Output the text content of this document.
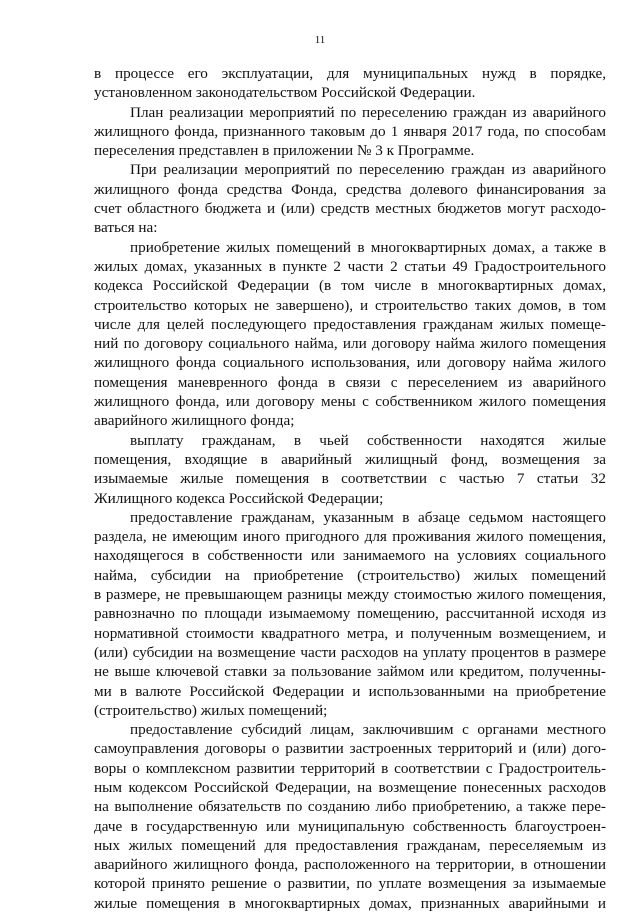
11
в процессе его эксплуатации, для муниципальных нужд в порядке,
установленном законодательством Российской Федерации.
План реализации мероприятий по переселению граждан из аварийного
жилищного фонда, признанного таковым до 1 января 2017 года, по способам
переселения представлен в приложении № 3 к Программе.
При реализации мероприятий по переселению граждан из аварийного
жилищного фонда средства Фонда, средства долевого финансирования за
счет областного бюджета и (или) средств местных бюджетов могут расходо-
ваться на:
приобретение жилых помещений в многоквартирных домах, а также в
жилых домах, указанных в пункте 2 части 2 статьи 49 Градостроительного
кодекса Российской Федерации (в том числе в многоквартирных домах,
строительство которых не завершено), и строительство таких домов, в том
числе для целей последующего предоставления гражданам жилых помеще-
ний по договору социального найма, или договору найма жилого помещения
жилищного фонда социального использования, или договору найма жилого
помещения маневренного фонда в связи с переселением из аварийного
жилищного фонда, или договору мены с собственником жилого помещения
аварийного жилищного фонда;
выплату гражданам, в чьей собственности находятся жилые
помещения, входящие в аварийный жилищный фонд, возмещения за
изымаемые жилые помещения в соответствии с частью 7 статьи 32
Жилищного кодекса Российской Федерации;
предоставление гражданам, указанным в абзаце седьмом настоящего
раздела, не имеющим иного пригодного для проживания жилого помещения,
находящегося в собственности или занимаемого на условиях социального
найма, субсидии на приобретение (строительство) жилых помещений
в размере, не превышающем разницы между стоимостью жилого помещения,
равнозначно по площади изымаемому помещению, рассчитанной исходя из
нормативной стоимости квадратного метра, и полученным возмещением, и
(или) субсидии на возмещение части расходов на уплату процентов в размере
не выше ключевой ставки за пользование займом или кредитом, полученны-
ми в валюте Российской Федерации и использованными на приобретение
(строительство) жилых помещений;
предоставление субсидий лицам, заключившим с органами местного
самоуправления договоры о развитии застроенных территорий и (или) дого-
воры о комплексном развитии территорий в соответствии с Градостроитель-
ным кодексом Российской Федерации, на возмещение понесенных расходов
на выполнение обязательств по созданию либо приобретению, а также пере-
даче в государственную или муниципальную собственность благоустроен-
ных жилых помещений для предоставления гражданам, переселяемым из
аварийного жилищного фонда, расположенного на территории, в отношении
которой принято решение о развитии, по уплате возмещения за изымаемые
жилые помещения в многоквартирных домах, признанных аварийными и
